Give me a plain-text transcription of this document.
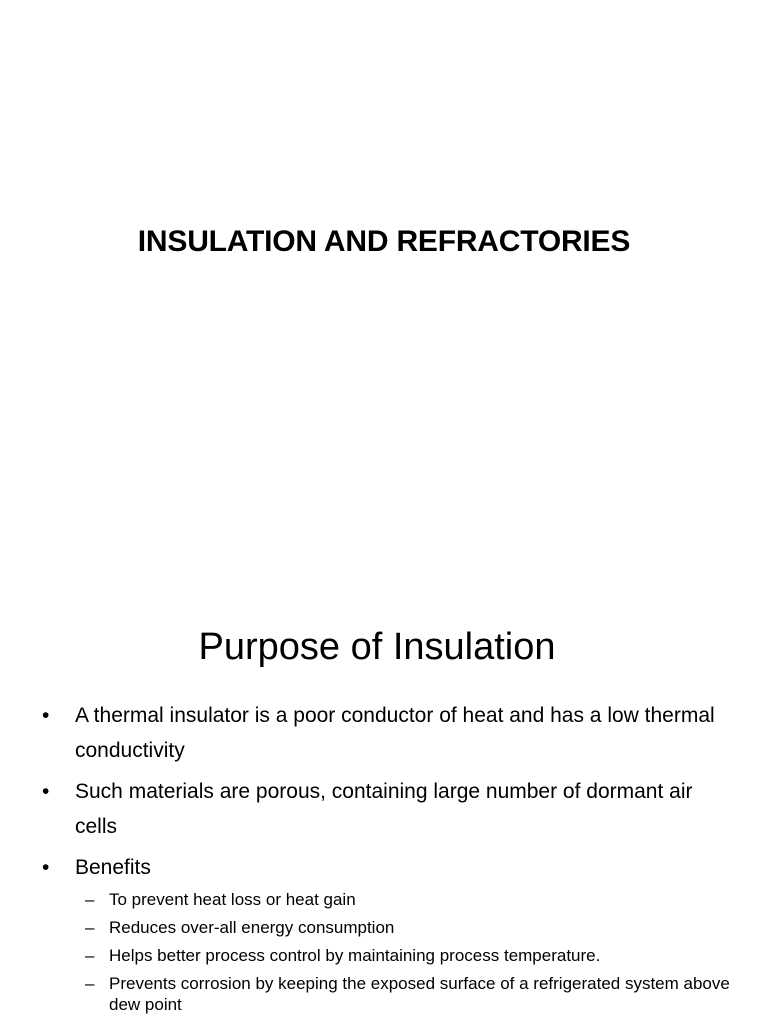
INSULATION AND REFRACTORIES
Purpose of Insulation
•	A thermal insulator is a poor conductor of heat and has a low thermal conductivity
•	Such materials are porous, containing large number of dormant air cells
•	Benefits
– To prevent heat loss or heat gain
– Reduces over-all energy consumption
– Helps better process control by maintaining process temperature.
– Prevents corrosion by keeping the exposed surface of a refrigerated system above dew point
